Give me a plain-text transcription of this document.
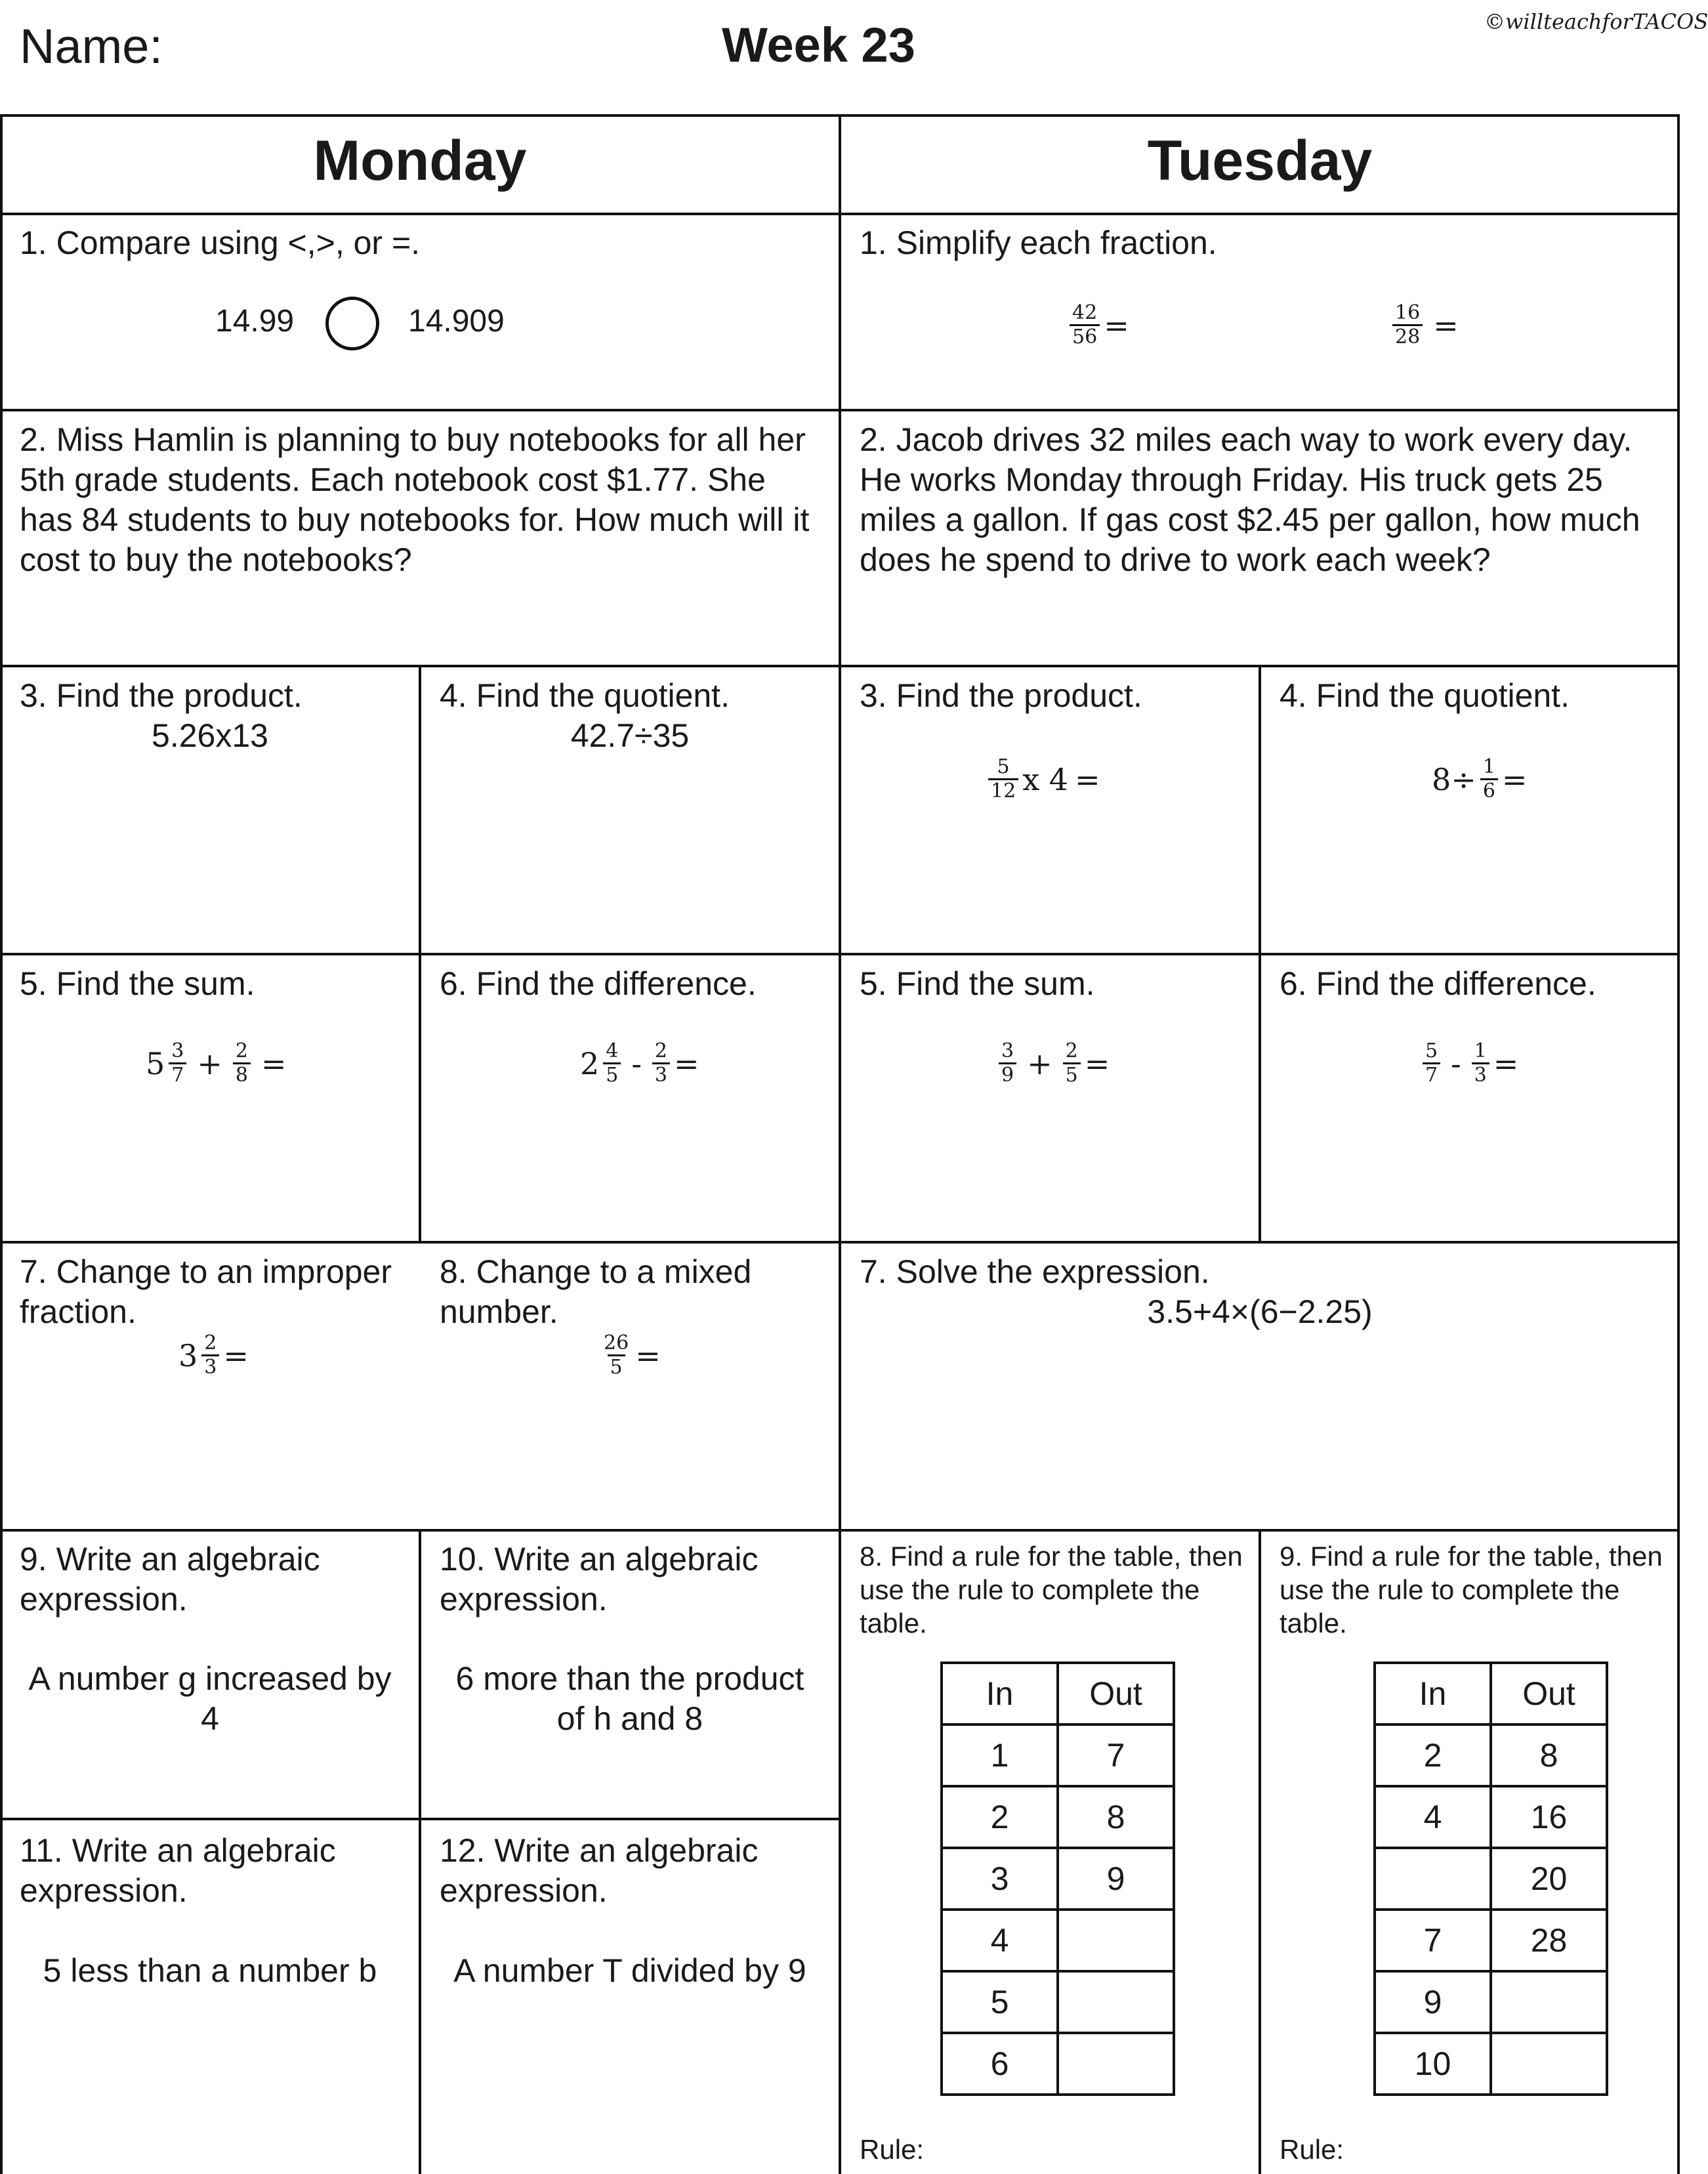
Name:	Week 23	©willteachforTACOS
Monday	Tuesday
1. Compare using <,>, or =.
14.99	14.909
2. Miss Hamlin is planning to buy notebooks for all her 5th grade students. Each notebook cost $1.77. She has 84 students to buy notebooks for. How much will it cost to buy the notebooks?
3. Find the product.
5.26x13
4. Find the quotient.
42.7÷35
5. Find the sum.
$5 \frac{3}{7} + \frac{2}{8}$ =
6. Find the difference.
$2 \frac{4}{5} - \frac{2}{3}$ =
7. Change to an improper fraction.
$3 \frac{2}{3}$ =
8. Change to a mixed number.
$\frac{26}{5}$ =
9. Write an algebraic expression.
A number g increased by 4
10. Write an algebraic expression.
6 more than the product of h and 8
11. Write an algebraic expression.
5 less than a number b
12. Write an algebraic expression.
A number T divided by 9
1. Simplify each fraction.
$\frac{42}{56}$ =	$\frac{16}{28}$ =
2. Jacob drives 32 miles each way to work every day. He works Monday through Friday. His truck gets 25 miles a gallon. If gas cost $2.45 per gallon, how much does he spend to drive to work each week?
3. Find the product.
$\frac{5}{12}$ x 4 =
4. Find the quotient.
$8\div \frac{1}{6}$ =
5. Find the sum.
$\frac{3}{9} + \frac{2}{5}$ =
6. Find the difference.
$\frac{5}{7} - \frac{1}{3}$ =
7. Solve the expression.
3.5+4×(6−2.25)
8. Find a rule for the table, then use the rule to complete the table.
In	Out
1	7
2	8
3	9
4	
5	
6	
Rule:
9. Find a rule for the table, then use the rule to complete the table.
In	Out
2	8
4	16
	20
7	28
9	
10	
Rule:
